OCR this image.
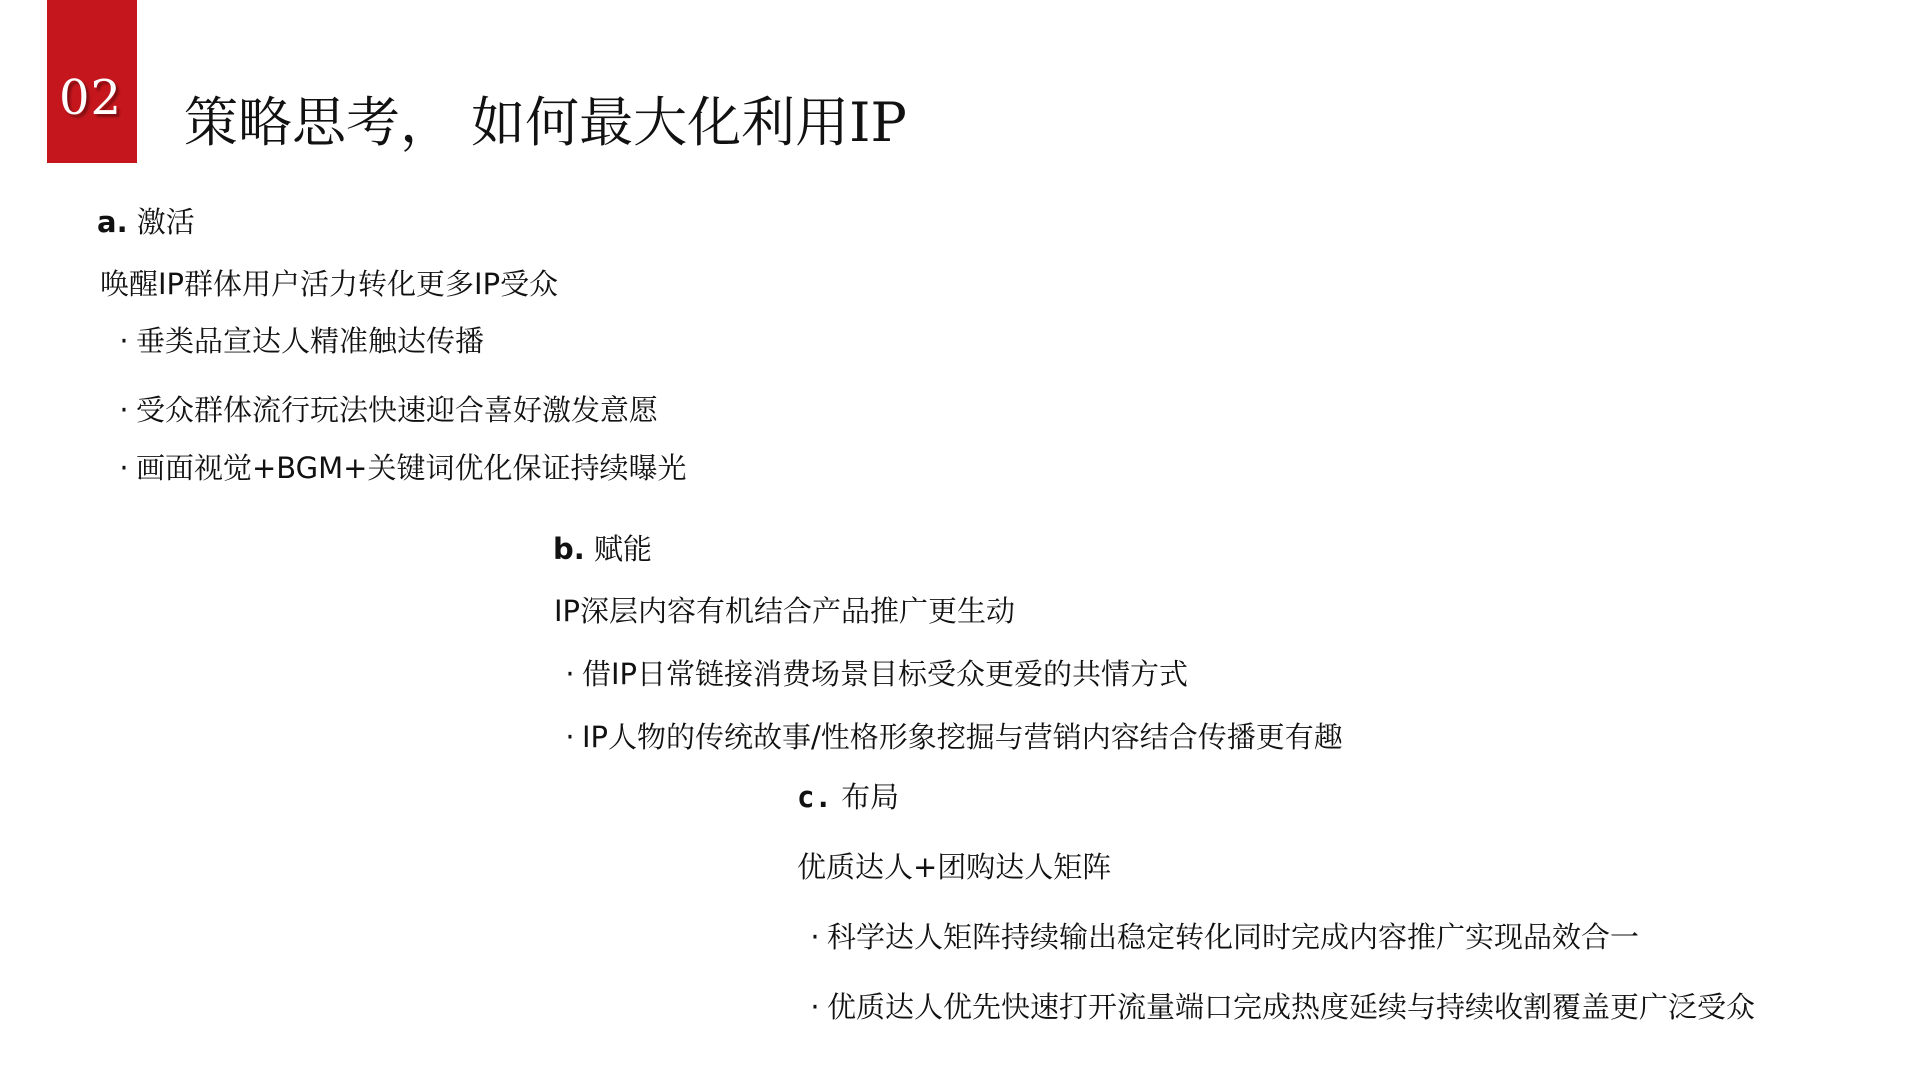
02 策略思考， 如何最大化利用IP
a. 激活
唤醒IP群体用户活力转化更多IP受众
· 垂类品宣达人精准触达传播
· 受众群体流行玩法快速迎合喜好激发意愿
· 画面视觉+BGM+关键词优化保证持续曝光
b. 赋能
IP深层内容有机结合产品推广更生动
· 借IP日常链接消费场景目标受众更爱的共情方式
· IP人物的传统故事/性格形象挖掘与营销内容结合传播更有趣
c. 布局
优质达人+团购达人矩阵
· 科学达人矩阵持续输出稳定转化同时完成内容推广实现品效合一
· 优质达人优先快速打开流量端口完成热度延续与持续收割覆盖更广泛受众
